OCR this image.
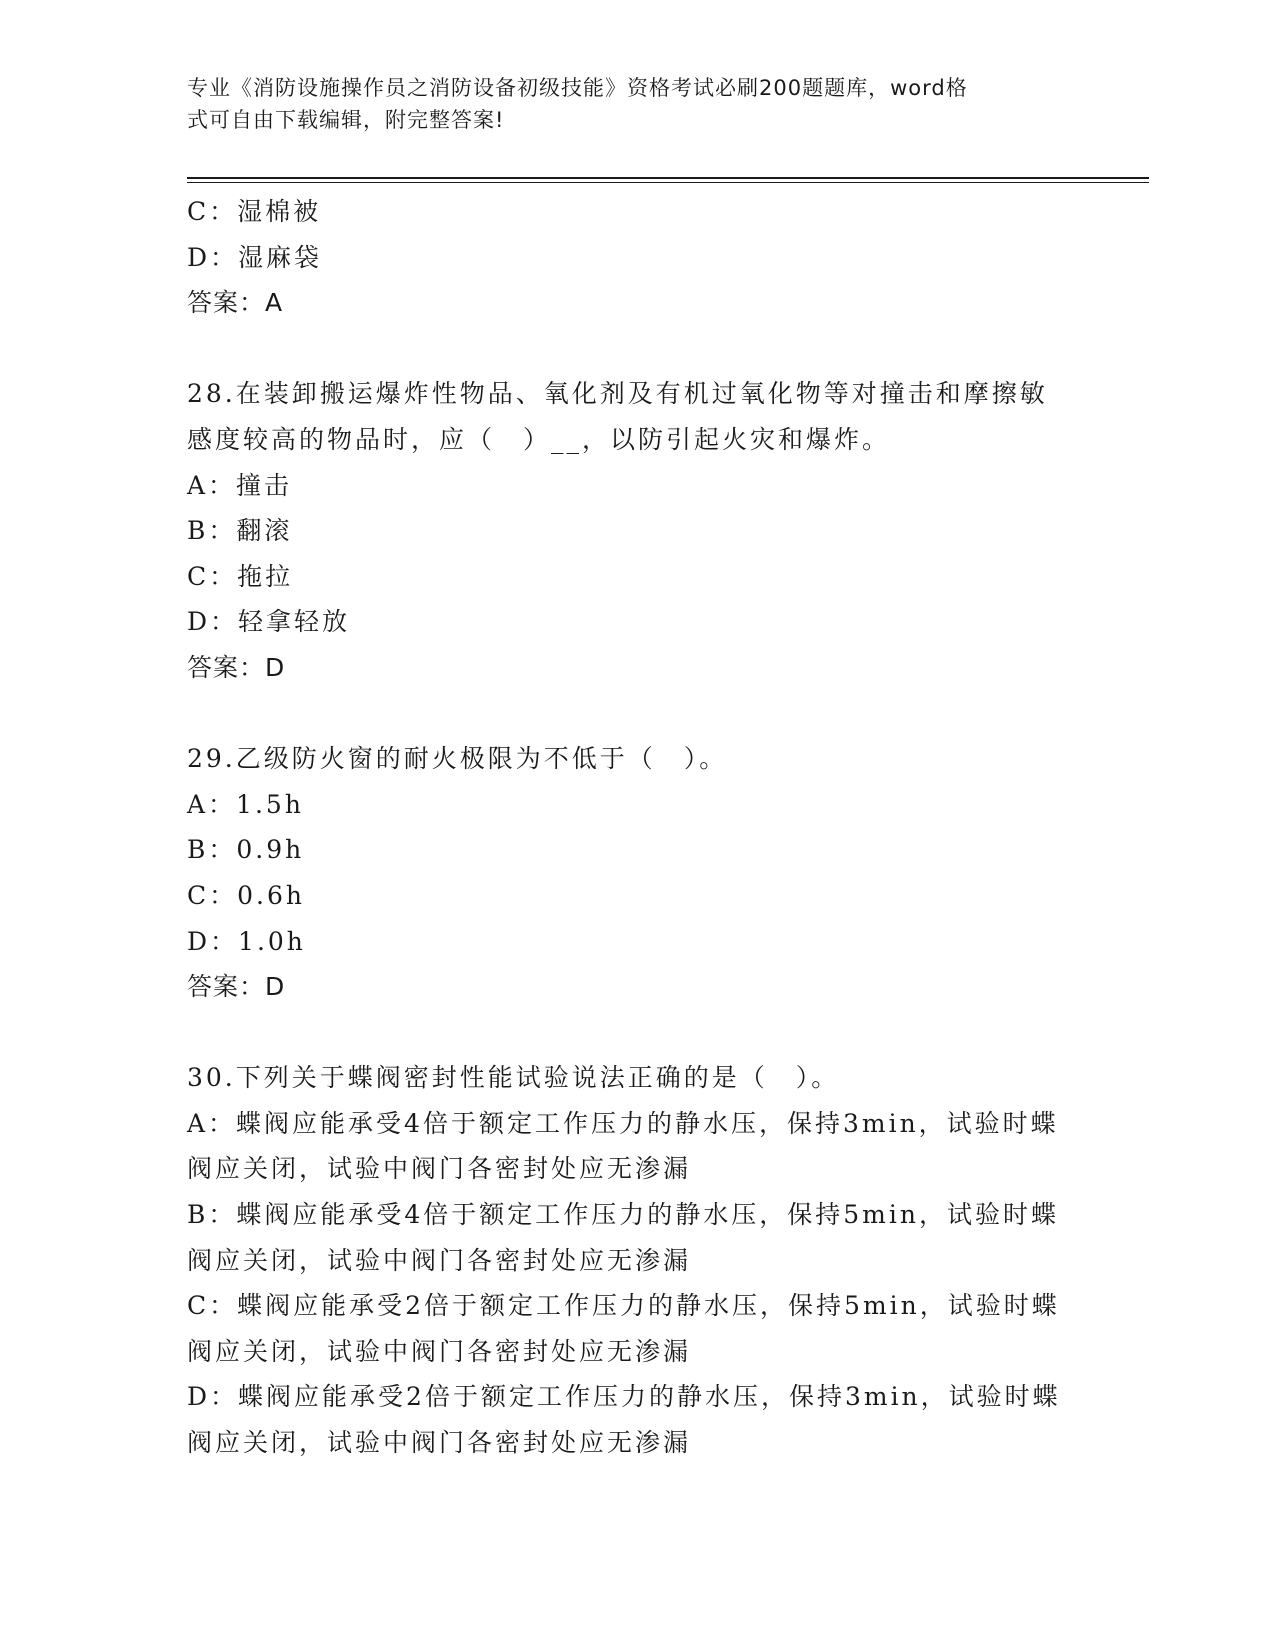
专业《消防设施操作员之消防设备初级技能》资格考试必刷200题题库，word格
式可自由下载编辑，附完整答案!
C：湿棉被
D：湿麻袋
答案：A
28.在装卸搬运爆炸性物品、氧化剂及有机过氧化物等对撞击和摩擦敏
感度较高的物品时，应（　）__，以防引起火灾和爆炸。
A：撞击
B：翻滚
C：拖拉
D：轻拿轻放
答案：D
29.乙级防火窗的耐火极限为不低于（　）。
A：1.5h
B：0.9h
C：0.6h
D：1.0h
答案：D
30.下列关于蝶阀密封性能试验说法正确的是（　）。
A：蝶阀应能承受4倍于额定工作压力的静水压，保持3min，试验时蝶
阀应关闭，试验中阀门各密封处应无渗漏
B：蝶阀应能承受4倍于额定工作压力的静水压，保持5min，试验时蝶
阀应关闭，试验中阀门各密封处应无渗漏
C：蝶阀应能承受2倍于额定工作压力的静水压，保持5min，试验时蝶
阀应关闭，试验中阀门各密封处应无渗漏
D：蝶阀应能承受2倍于额定工作压力的静水压，保持3min，试验时蝶
阀应关闭，试验中阀门各密封处应无渗漏
